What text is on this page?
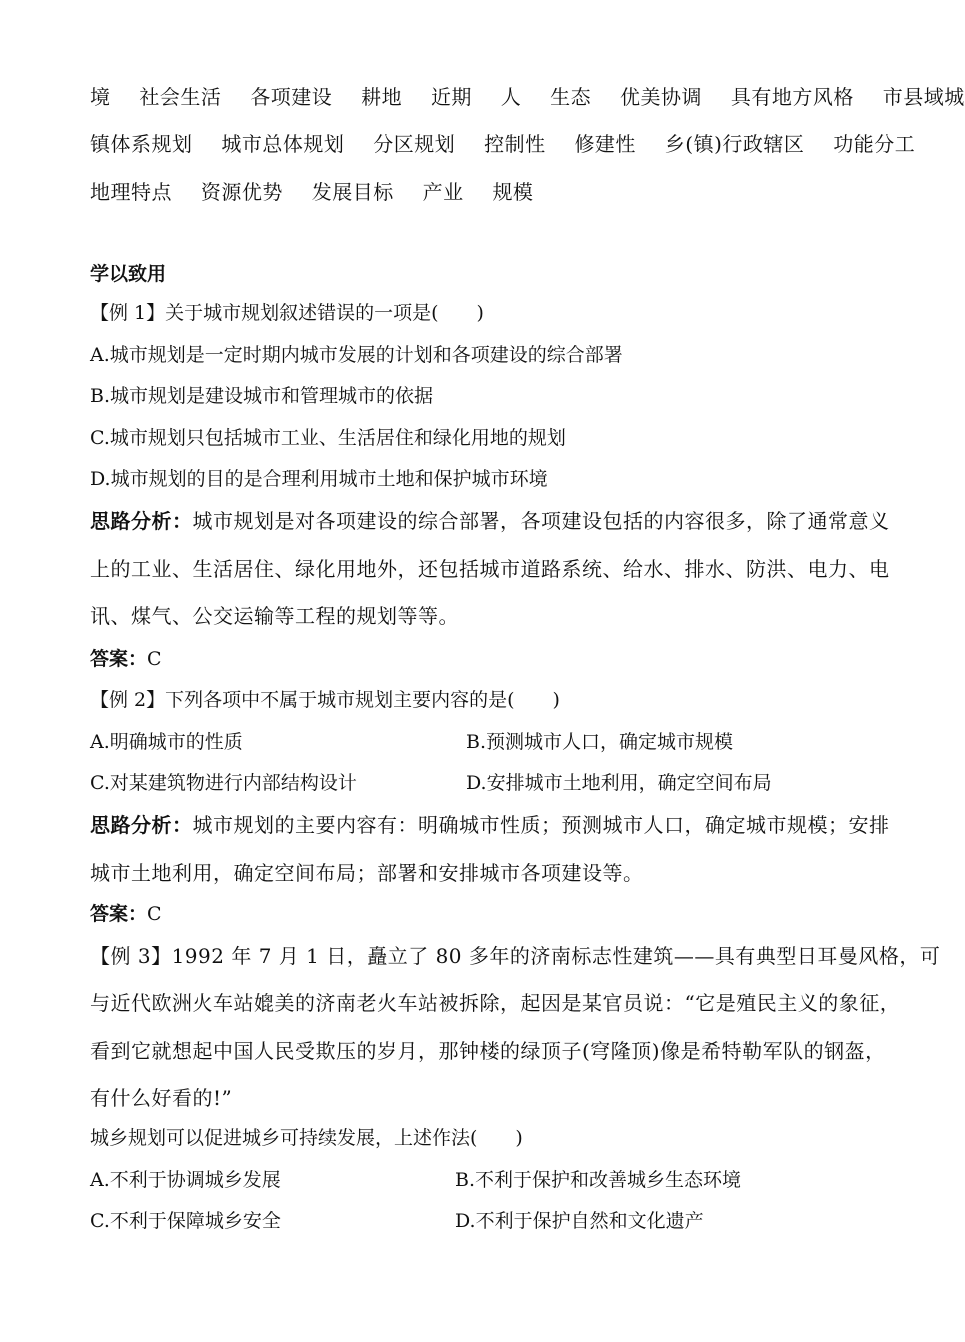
境 社会生活 各项建设 耕地 近期 人 生态 优美协调 具有地方风格 市县域城
镇体系规划 城市总体规划 分区规划 控制性 修建性 乡(镇)行政辖区 功能分工
地理特点 资源优势 发展目标 产业 规模
学以致用
【例 1】关于城市规划叙述错误的一项是(　　)
A.城市规划是一定时期内城市发展的计划和各项建设的综合部署
B.城市规划是建设城市和管理城市的依据
C.城市规划只包括城市工业、生活居住和绿化用地的规划
D.城市规划的目的是合理利用城市土地和保护城市环境
思路分析：城市规划是对各项建设的综合部署，各项建设包括的内容很多，除了通常意义
上的工业、生活居住、绿化用地外，还包括城市道路系统、给水、排水、防洪、电力、电
讯、煤气、公交运输等工程的规划等等。
答案：C
【例 2】下列各项中不属于城市规划主要内容的是(　　)
A.明确城市的性质	B.预测城市人口，确定城市规模
C.对某建筑物进行内部结构设计	D.安排城市土地利用，确定空间布局
思路分析：城市规划的主要内容有：明确城市性质；预测城市人口，确定城市规模；安排
城市土地利用，确定空间布局；部署和安排城市各项建设等。
答案：C
【例 3】1992 年 7 月 1 日，矗立了 80 多年的济南标志性建筑——具有典型日耳曼风格，可
与近代欧洲火车站媲美的济南老火车站被拆除，起因是某官员说：“它是殖民主义的象征，
看到它就想起中国人民受欺压的岁月，那钟楼的绿顶子(穹隆顶)像是希特勒军队的钢盔，
有什么好看的!”
城乡规划可以促进城乡可持续发展，上述作法(　　)
A.不利于协调城乡发展	B.不利于保护和改善城乡生态环境
C.不利于保障城乡安全	D.不利于保护自然和文化遗产
